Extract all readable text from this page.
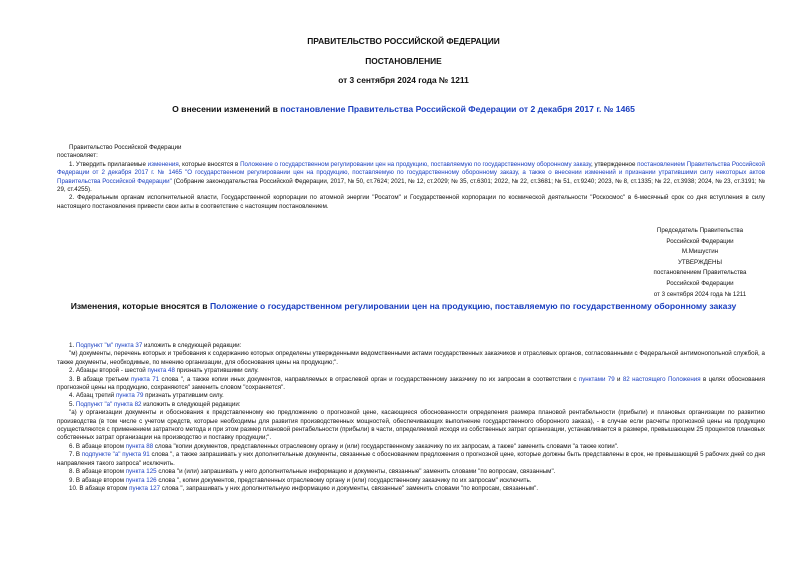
ПРАВИТЕЛЬСТВО РОССИЙСКОЙ ФЕДЕРАЦИИ
ПОСТАНОВЛЕНИЕ
от 3 сентября 2024 года № 1211
О внесении изменений в постановление Правительства Российской Федерации от 2 декабря 2017 г. № 1465

Правительство Российской Федерации

постановляет:

1. Утвердить прилагаемые изменения, которые вносятся в Положение о государственном регулировании цен на продукцию, поставляемую по государственному оборонному заказу, утвержденное постановлением Правительства Российской Федерации от 2 декабря 2017 г. № 1465 "О государственном регулировании цен на продукцию, поставляемую по государственному оборонному заказу, а также о внесении изменений и признании утратившими силу некоторых актов Правительства Российской Федерации" (Собрание законодательства Российской Федерации, 2017, № 50, ст.7624; 2021, № 12, ст.2029; № 35, ст.6301; 2022, № 22, ст.3681; № 51, ст.9240; 2023, № 8, ст.1335; № 22, ст.3938; 2024, № 23, ст.3191; № 29, ст.4255).

2. Федеральным органам исполнительной власти, Государственной корпорации по атомной энергии "Росатом" и Государственной корпорации по космической деятельности "Роскосмос" в 6-месячный срок со дня вступления в силу настоящего постановления привести свои акты в соответствие с настоящим постановлением.

Председатель Правительства
Российской Федерации
М.Мишустин
УТВЕРЖДЕНЫ
постановлением Правительства
Российской Федерации
от 3 сентября 2024 года № 1211
Изменения, которые вносятся в Положение о государственном регулировании цен на продукцию, поставляемую по государственному оборонному заказу

1. Подпункт "м" пункта 37 изложить в следующей редакции:

"м) документы, перечень которых и требования к содержанию которых определены утвержденными ведомственными актами государственных заказчиков и отраслевых органов, согласованными с Федеральной антимонопольной службой, а также документы, необходимые, по мнению организации, для обоснования цены на продукцию;".

2. Абзацы второй - шестой пункта 48 признать утратившими силу.

3. В абзаце третьем пункта 71 слова ", а также копии иных документов, направляемых в отраслевой орган и государственному заказчику по их запросам в соответствии с пунктами 79 и 82 настоящего Положения в целях обоснования прогнозной цены на продукцию, сохраняются" заменить словом "сохраняется".

4. Абзац третий пункта 79 признать утратившим силу.

5. Подпункт "а" пункта 82 изложить в следующей редакции:

"а) у организации документы и обоснования к представленному ею предложению о прогнозной цене, касающиеся обоснованности определения размера плановой рентабельности (прибыли) и плановых организации по развитию производства (в том числе с учетом средств, которые необходимы для развития производственных мощностей, обеспечивающих выполнение государственного оборонного заказа), - в случае если расчеты прогнозной цены на продукцию осуществляются с применением затратного метода и при этом размер плановой рентабельности (прибыли) в части, определяемой исходя из собственных затрат организации, устанавливается в размере, превышающем 25 процентов плановых собственных затрат организации на производство и поставку продукции;".

6. В абзаце втором пункта 88 слова "копии документов, представленных отраслевому органу и (или) государственному заказчику по их запросам, а также" заменить словами "а также копии".

7. В подпункте "а" пункта 91 слова ", а также запрашивать у них дополнительные документы, связанные с обоснованием предложения о прогнозной цене, которые должны быть представлены в срок, не превышающий 5 рабочих дней со дня направления такого запроса" исключить.

8. В абзаце втором пункта 125 слова "и (или) запрашивать у него дополнительные информацию и документы, связанные" заменить словами "по вопросам, связанным".

9. В абзаце втором пункта 126 слова ", копии документов, представленных отраслевому органу и (или) государственному заказчику по их запросам" исключить.

10. В абзаце втором пункта 127 слова ", запрашивать у них дополнительную информацию и документы, связанные" заменить словами "по вопросам, связанным".
